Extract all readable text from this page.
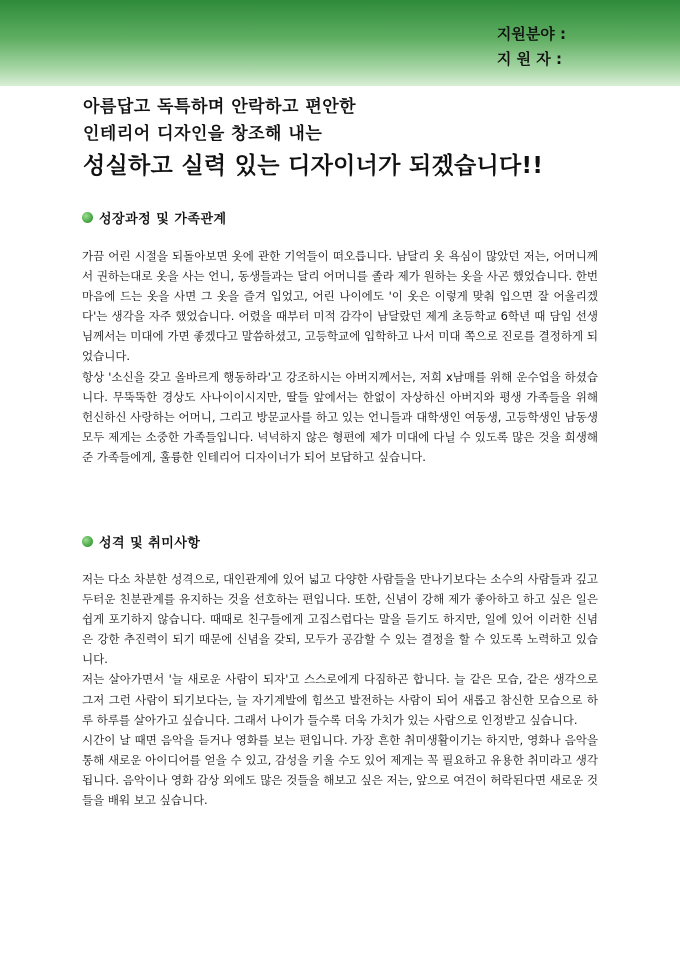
지원분야 :
지 원 자 :
아름답고 독특하며 안락하고 편안한
인테리어 디자인을 창조해 내는
성실하고 실력 있는 디자이너가 되겠습니다!!
성장과정 및 가족관계

가끔 어린 시절을 되돌아보면 옷에 관한 기억들이 떠오릅니다. 남달리 옷 욕심이 많았던 저는, 어머니께서 권하는대로 옷을 사는 언니, 동생들과는 달리 어머니를 졸라 제가 원하는 옷을 사곤 했었습니다. 한번 마음에 드는 옷을 사면 그 옷을 즐겨 입었고, 어린 나이에도 '이 옷은 이렇게 맞춰 입으면 잘 어울리겠다'는 생각을 자주 했었습니다. 어렸을 때부터 미적 감각이 남달랐던 제게 초등학교 6학년 때 담임 선생님께서는 미대에 가면 좋겠다고 말씀하셨고, 고등학교에 입학하고 나서 미대 쪽으로 진로를 결정하게 되었습니다.

항상 '소신을 갖고 올바르게 행동하라'고 강조하시는 아버지께서는, 저희 x남매를 위해 운수업을 하셨습니다. 무뚝뚝한 경상도 사나이이시지만, 딸들 앞에서는 한없이 자상하신 아버지와 평생 가족들을 위해 헌신하신 사랑하는 어머니, 그리고 방문교사를 하고 있는 언니들과 대학생인 여동생, 고등학생인 남동생 모두 제게는 소중한 가족들입니다. 넉넉하지 않은 형편에 제가 미대에 다닐 수 있도록 많은 것을 희생해 준 가족들에게, 훌륭한 인테리어 디자이너가 되어 보답하고 싶습니다.

성격 및 취미사항

저는 다소 차분한 성격으로, 대인관계에 있어 넓고 다양한 사람들을 만나기보다는 소수의 사람들과 깊고 두터운 친분관계를 유지하는 것을 선호하는 편입니다. 또한, 신념이 강해 제가 좋아하고 하고 싶은 일은 쉽게 포기하지 않습니다. 때때로 친구들에게 고집스럽다는 말을 듣기도 하지만, 일에 있어 이러한 신념은 강한 추진력이 되기 때문에 신념을 갖되, 모두가 공감할 수 있는 결정을 할 수 있도록 노력하고 있습니다.

저는 살아가면서 '늘 새로운 사람이 되자'고 스스로에게 다짐하곤 합니다. 늘 같은 모습, 같은 생각으로 그저 그런 사람이 되기보다는, 늘 자기계발에 힘쓰고 발전하는 사람이 되어 새롭고 참신한 모습으로 하루 하루를 살아가고 싶습니다. 그래서 나이가 들수록 더욱 가치가 있는 사람으로 인정받고 싶습니다.

시간이 날 때면 음악을 듣거나 영화를 보는 편입니다. 가장 흔한 취미생활이기는 하지만, 영화나 음악을 통해 새로운 아이디어를 얻을 수 있고, 감성을 키울 수도 있어 제게는 꼭 필요하고 유용한 취미라고 생각됩니다. 음악이나 영화 감상 외에도 많은 것들을 해보고 싶은 저는, 앞으로 여건이 허락된다면 새로운 것들을 배워 보고 싶습니다.
